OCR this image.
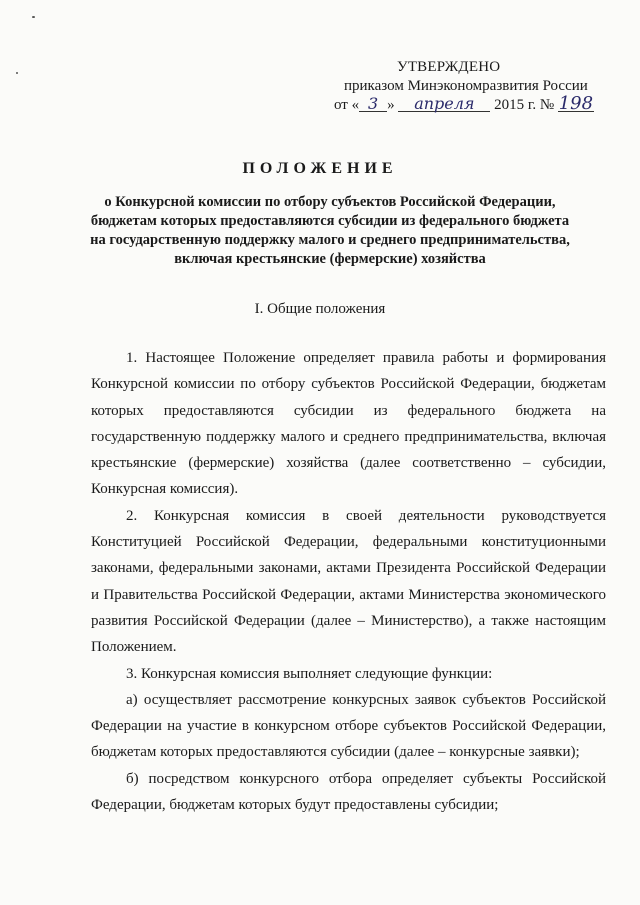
УТВЕРЖДЕНО
приказом Минэкономразвития России
от « 3 » апреля 2015 г. № 198
ПОЛОЖЕНИЕ
о Конкурсной комиссии по отбору субъектов Российской Федерации,
бюджетам которых предоставляются субсидии из федерального бюджета
на государственную поддержку малого и среднего предпринимательства,
включая крестьянские (фермерские) хозяйства
I. Общие положения

1. Настоящее Положение определяет правила работы и формирования Конкурсной комиссии по отбору субъектов Российской Федерации, бюджетам которых предоставляются субсидии из федерального бюджета на государственную поддержку малого и среднего предпринимательства, включая крестьянские (фермерские) хозяйства (далее соответственно – субсидии, Конкурсная комиссия).

2. Конкурсная комиссия в своей деятельности руководствуется Конституцией Российской Федерации, федеральными конституционными законами, федеральными законами, актами Президента Российской Федерации и Правительства Российской Федерации, актами Министерства экономического развития Российской Федерации (далее – Министерство), а также настоящим Положением.

3. Конкурсная комиссия выполняет следующие функции:

а) осуществляет рассмотрение конкурсных заявок субъектов Российской Федерации на участие в конкурсном отборе субъектов Российской Федерации, бюджетам которых предоставляются субсидии (далее – конкурсные заявки);

б) посредством конкурсного отбора определяет субъекты Российской Федерации, бюджетам которых будут предоставлены субсидии;
